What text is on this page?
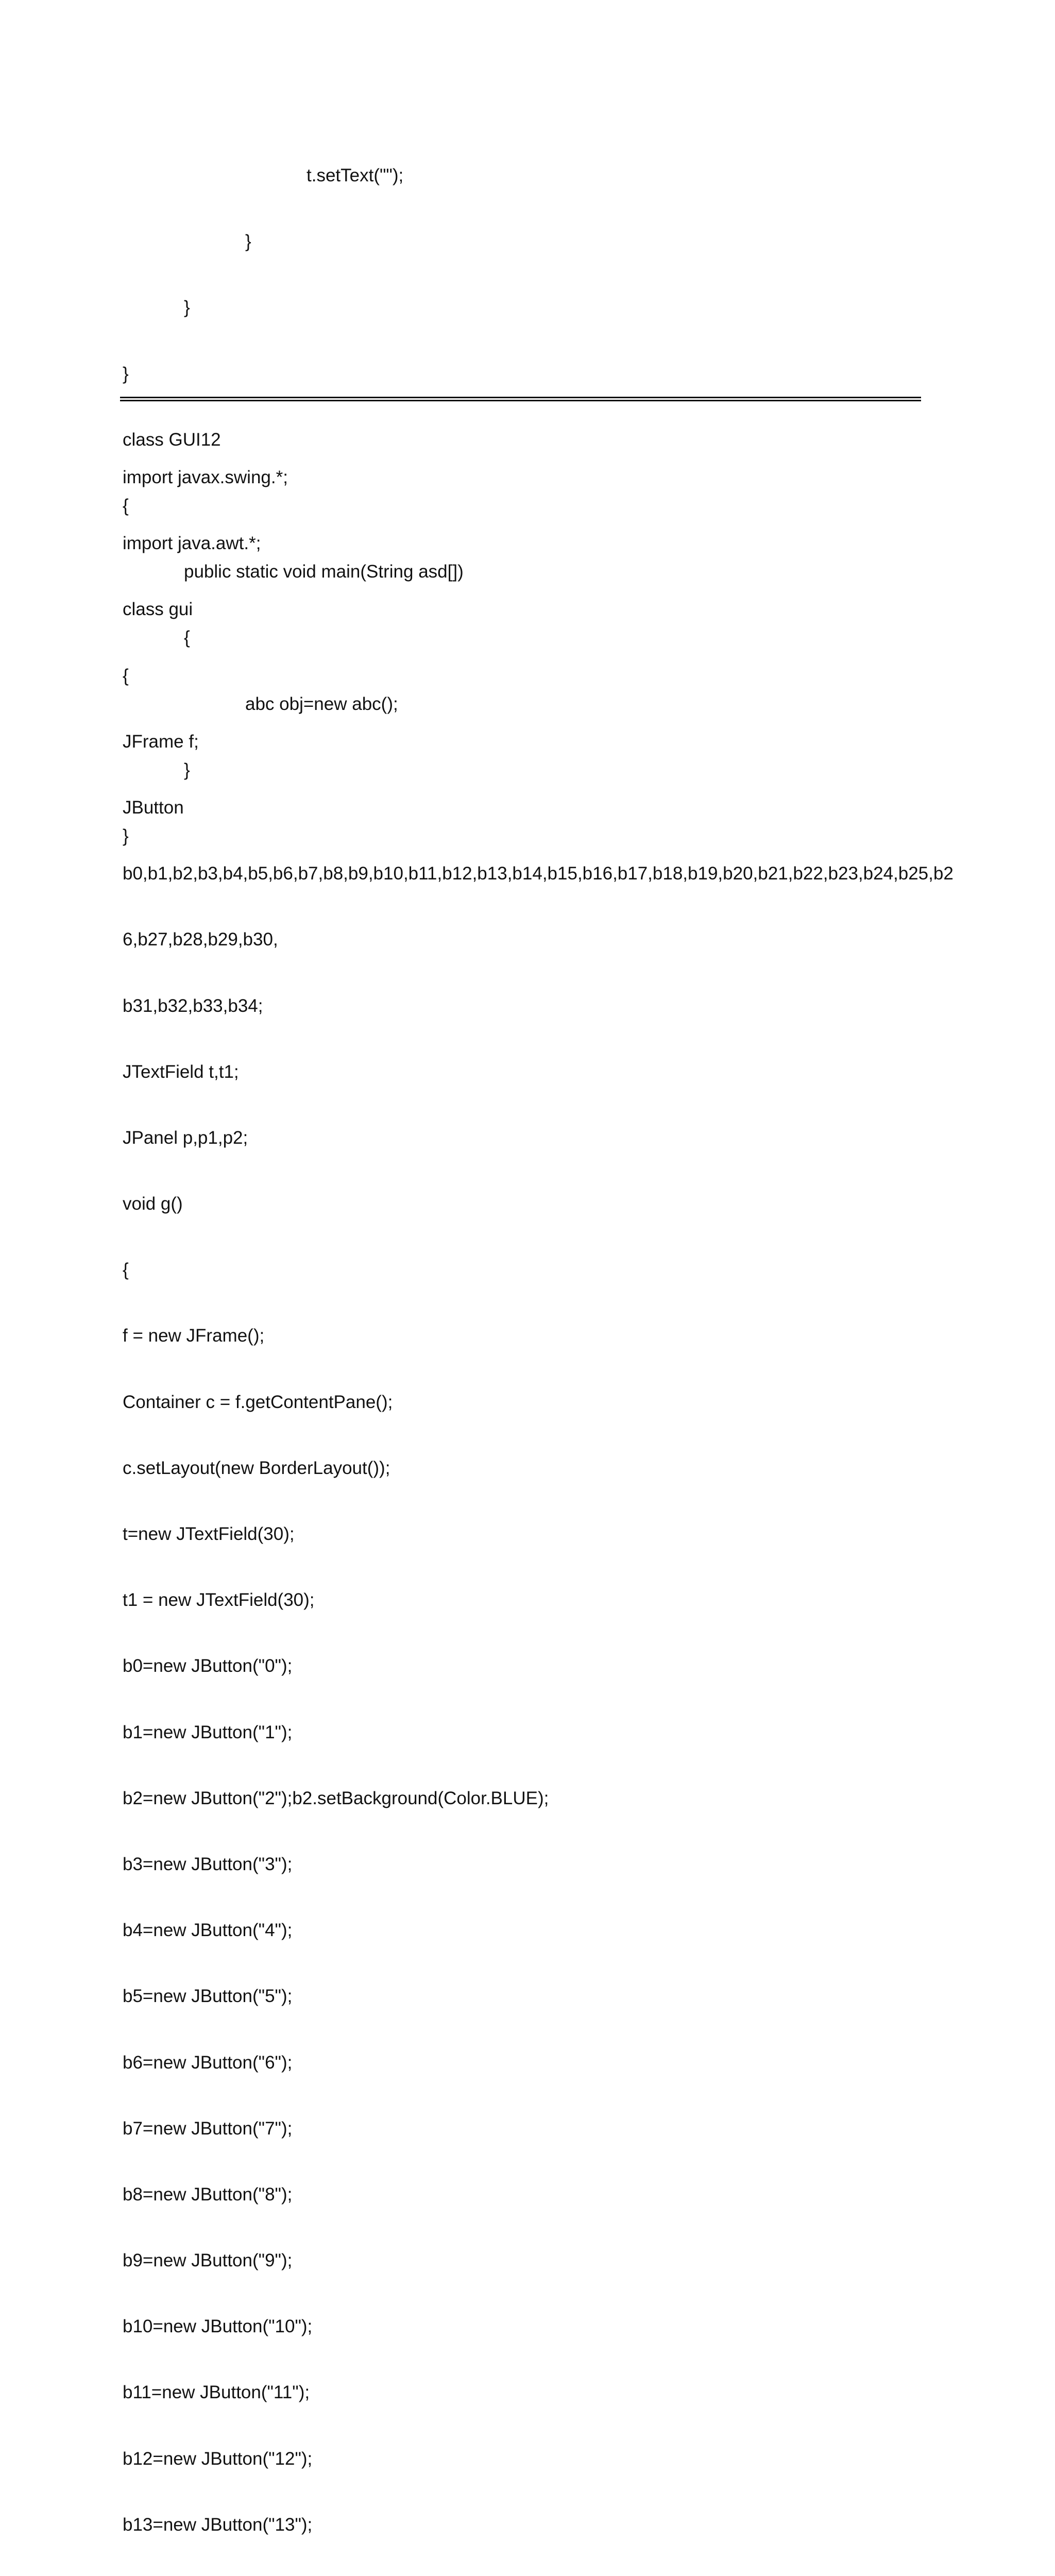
t.setText("");

}

}

}

class GUI12

{

public static void main(String asd[])

{

abc obj=new abc();

}

}

import javax.swing.*;

import java.awt.*;

class gui

{

JFrame f;

JButton

b0,b1,b2,b3,b4,b5,b6,b7,b8,b9,b10,b11,b12,b13,b14,b15,b16,b17,b18,b19,b20,b21,b22,b23,b24,b25,b2

6,b27,b28,b29,b30,

b31,b32,b33,b34;

JTextField t,t1;

JPanel p,p1,p2;

void g()

{

f = new JFrame();

Container c = f.getContentPane();

c.setLayout(new BorderLayout());

t=new JTextField(30);

t1 = new JTextField(30);

b0=new JButton("0");

b1=new JButton("1");

b2=new JButton("2");b2.setBackground(Color.BLUE);

b3=new JButton("3");

b4=new JButton("4");

b5=new JButton("5");

b6=new JButton("6");

b7=new JButton("7");

b8=new JButton("8");

b9=new JButton("9");

b10=new JButton("10");

b11=new JButton("11");

b12=new JButton("12");

b13=new JButton("13");
